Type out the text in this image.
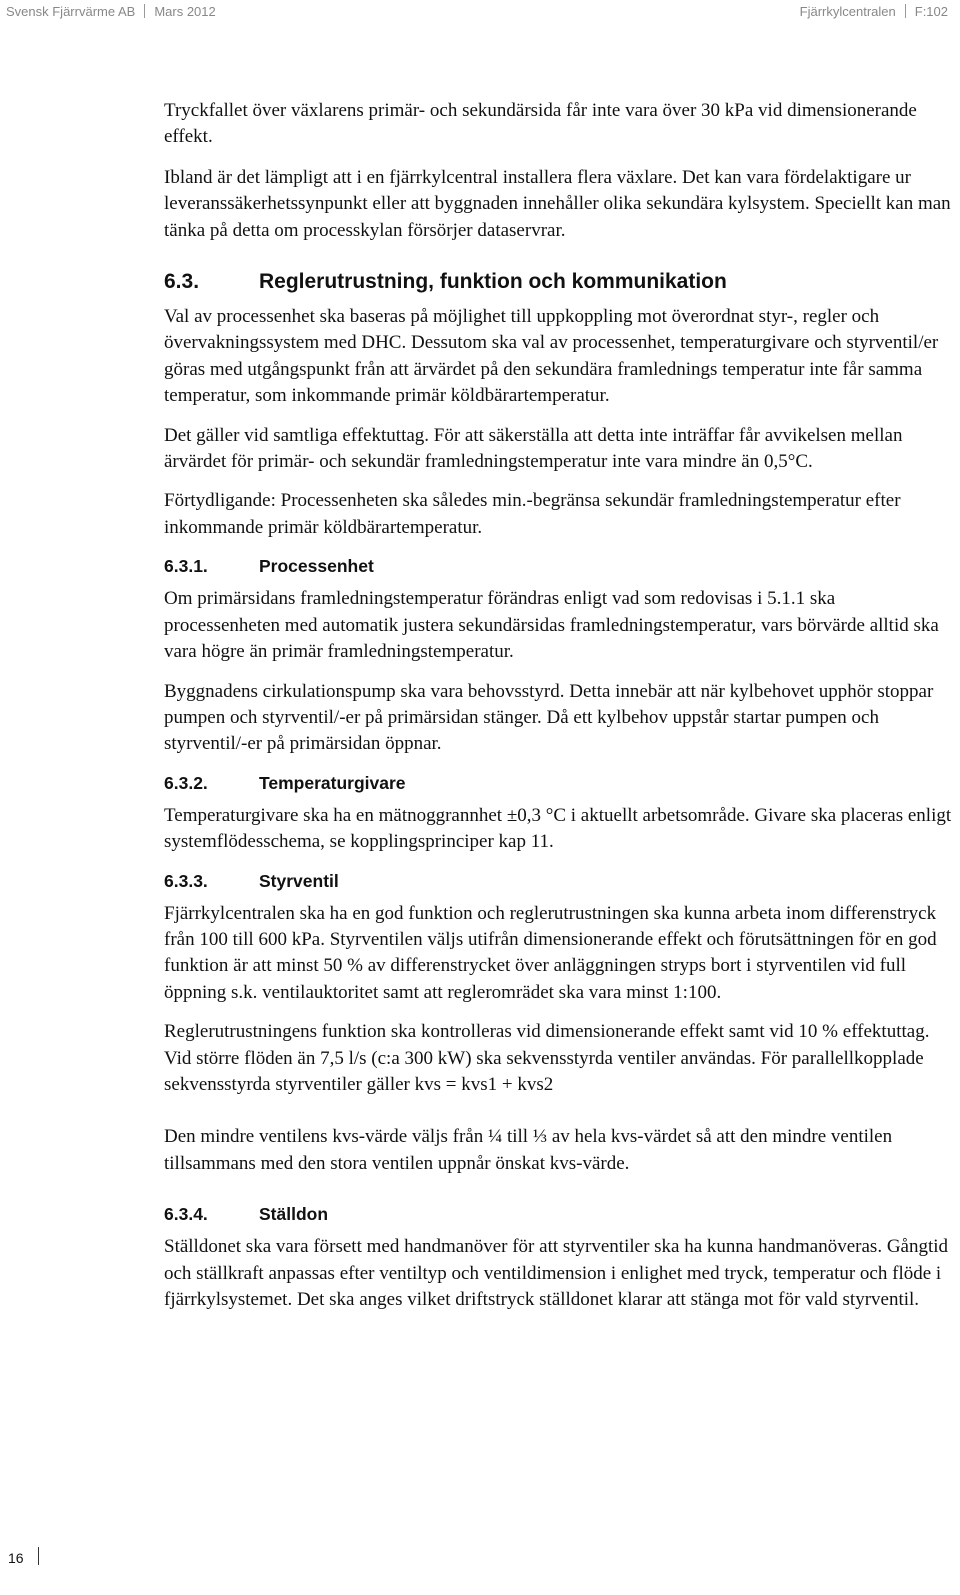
Svensk Fjärrvärme AB Mars 2012	Fjärrkylcentralen F:102

Tryckfallet över växlarens primär- och sekundärsida får inte vara över 30 kPa vid dimensionerande effekt.

Ibland är det lämpligt att i en fjärrkylcentral installera flera växlare. Det kan vara fördelaktigare ur leveranssäkerhetssynpunkt eller att byggnaden innehåller olika sekundära kylsystem. Speciellt kan man tänka på detta om processkylan försörjer dataservrar.

6.3.	Reglerutrustning, funktion och kommunikation

Val av processenhet ska baseras på möjlighet till uppkoppling mot överordnat styr-, regler och övervakningssystem med DHC. Dessutom ska val av processenhet, temperaturgivare och styrventil/er göras med utgångspunkt från att ärvärdet på den sekundära framlednings temperatur inte får samma temperatur, som inkommande primär köldbärartemperatur.

Det gäller vid samtliga effektuttag. För att säkerställa att detta inte inträffar får avvikelsen mellan ärvärdet för primär- och sekundär framledningstemperatur inte vara mindre än 0,5°C.

Förtydligande: Processenheten ska således min.-begränsa sekundär framledningstemperatur efter inkommande primär köldbärartemperatur.

6.3.1.	Processenhet

Om primärsidans framledningstemperatur förändras enligt vad som redovisas i 5.1.1 ska processenheten med automatik justera sekundärsidas framledningstemperatur, vars börvärde alltid ska vara högre än primär framledningstemperatur.

Byggnadens cirkulationspump ska vara behovsstyrd. Detta innebär att när kylbehovet upphör stoppar pumpen och styrventil/-er på primärsidan stänger. Då ett kylbehov uppstår startar pumpen och styrventil/-er på primärsidan öppnar.

6.3.2.	Temperaturgivare

Temperaturgivare ska ha en mätnoggrannhet ±0,3 °C i aktuellt arbetsområde. Givare ska placeras enligt systemflödesschema, se kopplingsprinciper kap 11.

6.3.3.	Styrventil

Fjärrkylcentralen ska ha en god funktion och reglerutrustningen ska kunna arbeta inom differenstryck från 100 till 600 kPa. Styrventilen väljs utifrån dimensionerande effekt och förutsättningen för en god funktion är att minst 50 % av differenstrycket över anläggningen stryps bort i styrventilen vid full öppning s.k. ventilauktoritet samt att regleromrädet ska vara minst 1:100.

Reglerutrustningens funktion ska kontrolleras vid dimensionerande effekt samt vid 10 % effektuttag. Vid större flöden än 7,5 l/s (c:a 300 kW) ska sekvensstyrda ventiler användas. För parallellkopplade sekvensstyrda styrventiler gäller kvs = kvs1 + kvs2

Den mindre ventilens kvs-värde väljs från ¼ till ⅓ av hela kvs-värdet så att den mindre ventilen tillsammans med den stora ventilen uppnår önskat kvs-värde.

6.3.4.	Ställdon

Ställdonet ska vara försett med handmanöver för att styrventiler ska ha kunna handmanöveras. Gångtid och ställkraft anpassas efter ventiltyp och ventildimension i enlighet med tryck, temperatur och flöde i fjärrkylsystemet. Det ska anges vilket driftstryck ställdonet klarar att stänga mot för vald styrventil.

16
